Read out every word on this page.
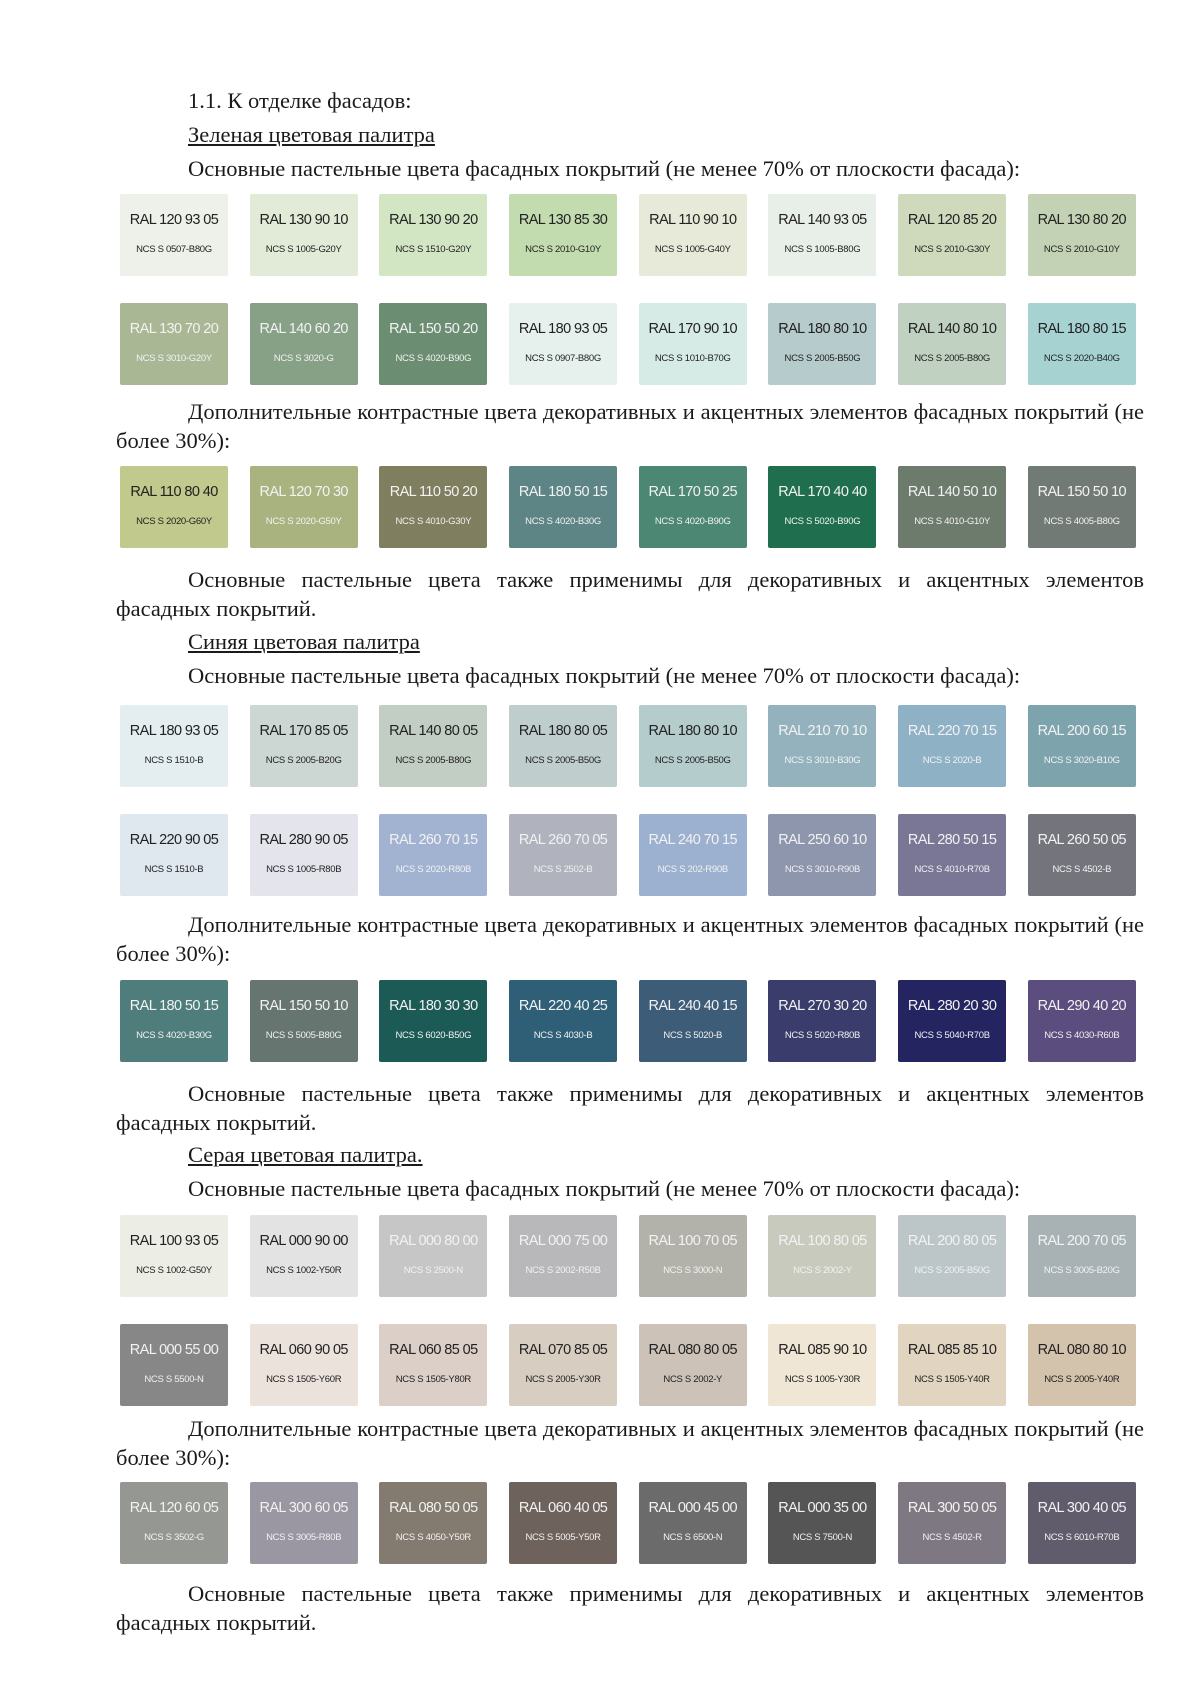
1.1. К отделке фасадов:
Зеленая цветовая палитра
Основные пастельные цвета фасадных покрытий (не менее 70% от плоскости фасада):
RAL 120 93 05
NCS S 0507-B80G
RAL 130 90 10
NCS S 1005-G20Y
RAL 130 90 20
NCS S 1510-G20Y
RAL 130 85 30
NCS S 2010-G10Y
RAL 110 90 10
NCS S 1005-G40Y
RAL 140 93 05
NCS S 1005-B80G
RAL 120 85 20
NCS S 2010-G30Y
RAL 130 80 20
NCS S 2010-G10Y
RAL 130 70 20
NCS S 3010-G20Y
RAL 140 60 20
NCS S 3020-G
RAL 150 50 20
NCS S 4020-B90G
RAL 180 93 05
NCS S 0907-B80G
RAL 170 90 10
NCS S 1010-B70G
RAL 180 80 10
NCS S 2005-B50G
RAL 140 80 10
NCS S 2005-B80G
RAL 180 80 15
NCS S 2020-B40G
Дополнительные контрастные цвета декоративных и акцентных элементов фасадных покрытий (не более 30%):
RAL 110 80 40
NCS S 2020-G60Y
RAL 120 70 30
NCS S 2020-G50Y
RAL 110 50 20
NCS S 4010-G30Y
RAL 180 50 15
NCS S 4020-B30G
RAL 170 50 25
NCS S 4020-B90G
RAL 170 40 40
NCS S 5020-B90G
RAL 140 50 10
NCS S 4010-G10Y
RAL 150 50 10
NCS S 4005-B80G
Основные пастельные цвета также применимы для декоративных и акцентных элементов фасадных покрытий.
Синяя цветовая палитра
Основные пастельные цвета фасадных покрытий (не менее 70% от плоскости фасада):
RAL 180 93 05
NCS S 1510-B
RAL 170 85 05
NCS S 2005-B20G
RAL 140 80 05
NCS S 2005-B80G
RAL 180 80 05
NCS S 2005-B50G
RAL 180 80 10
NCS S 2005-B50G
RAL 210 70 10
NCS S 3010-B30G
RAL 220 70 15
NCS S 2020-B
RAL 200 60 15
NCS S 3020-B10G
RAL 220 90 05
NCS S 1510-B
RAL 280 90 05
NCS S 1005-R80B
RAL 260 70 15
NCS S 2020-R80B
RAL 260 70 05
NCS S 2502-B
RAL 240 70 15
NCS S 202-R90B
RAL 250 60 10
NCS S 3010-R90B
RAL 280 50 15
NCS S 4010-R70B
RAL 260 50 05
NCS S 4502-B
Дополнительные контрастные цвета декоративных и акцентных элементов фасадных покрытий (не более 30%):
RAL 180 50 15
NCS S 4020-B30G
RAL 150 50 10
NCS S 5005-B80G
RAL 180 30 30
NCS S 6020-B50G
RAL 220 40 25
NCS S 4030-B
RAL 240 40 15
NCS S 5020-B
RAL 270 30 20
NCS S 5020-R80B
RAL 280 20 30
NCS S 5040-R70B
RAL 290 40 20
NCS S 4030-R60B
Основные пастельные цвета также применимы для декоративных и акцентных элементов фасадных покрытий.
Серая цветовая палитра.
Основные пастельные цвета фасадных покрытий (не менее 70% от плоскости фасада):
RAL 100 93 05
NCS S 1002-G50Y
RAL 000 90 00
NCS S 1002-Y50R
RAL 000 80 00
NCS S 2500-N
RAL 000 75 00
NCS S 2002-R50B
RAL 100 70 05
NCS S 3000-N
RAL 100 80 05
NCS S 2002-Y
RAL 200 80 05
NCS S 2005-B50G
RAL 200 70 05
NCS S 3005-B20G
RAL 000 55 00
NCS S 5500-N
RAL 060 90 05
NCS S 1505-Y60R
RAL 060 85 05
NCS S 1505-Y80R
RAL 070 85 05
NCS S 2005-Y30R
RAL 080 80 05
NCS S 2002-Y
RAL 085 90 10
NCS S 1005-Y30R
RAL 085 85 10
NCS S 1505-Y40R
RAL 080 80 10
NCS S 2005-Y40R
Дополнительные контрастные цвета декоративных и акцентных элементов фасадных покрытий (не более 30%):
RAL 120 60 05
NCS S 3502-G
RAL 300 60 05
NCS S 3005-R80B
RAL 080 50 05
NCS S 4050-Y50R
RAL 060 40 05
NCS S 5005-Y50R
RAL 000 45 00
NCS S 6500-N
RAL 000 35 00
NCS S 7500-N
RAL 300 50 05
NCS S 4502-R
RAL 300 40 05
NCS S 6010-R70B
Основные пастельные цвета также применимы для декоративных и акцентных элементов фасадных покрытий.
